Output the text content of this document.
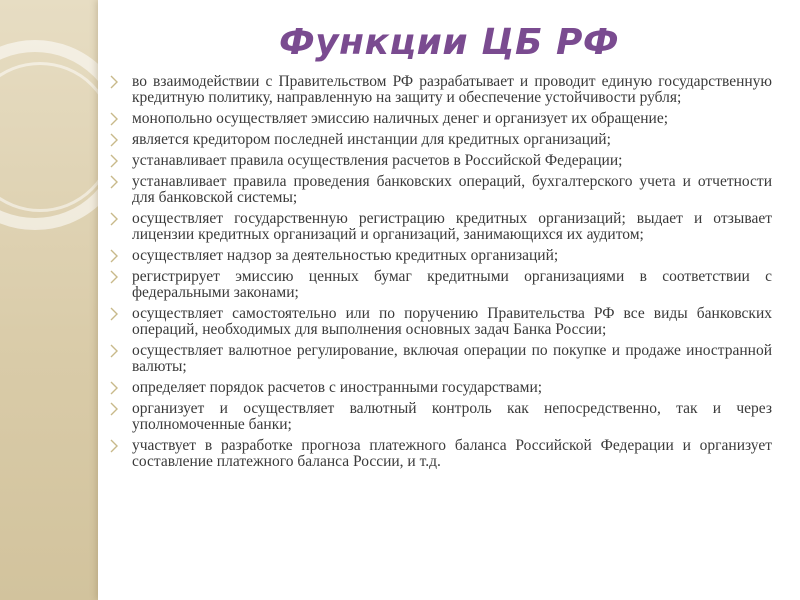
Функции ЦБ РФ
во взаимодействии с Правительством РФ разрабатывает и проводит единую государственную кредитную политику, направленную на защиту и обеспечение устойчивости рубля;
монопольно осуществляет эмиссию наличных денег и организует их обращение;
является кредитором последней инстанции для кредитных организаций;
устанавливает правила осуществления расчетов в Российской Федерации;
устанавливает правила проведения банковских операций, бухгалтерского учета и отчетности для банковской системы;
осуществляет государственную регистрацию кредитных организаций; выдает и отзывает лицензии кредитных организаций и организаций, занимающихся их аудитом;
осуществляет надзор за деятельностью кредитных организаций;
регистрирует эмиссию ценных бумаг кредитными организациями в соответствии с федеральными законами;
осуществляет самостоятельно или по поручению Правительства РФ все виды банковских операций, необходимых для выполнения основных задач Банка России;
осуществляет валютное регулирование, включая операции по покупке и продаже иностранной валюты;
определяет порядок расчетов с иностранными государствами;
организует и осуществляет валютный контроль как непосредственно, так и через уполномоченные банки;
участвует в разработке прогноза платежного баланса Российской Федерации и организует составление платежного баланса России, и т.д.
